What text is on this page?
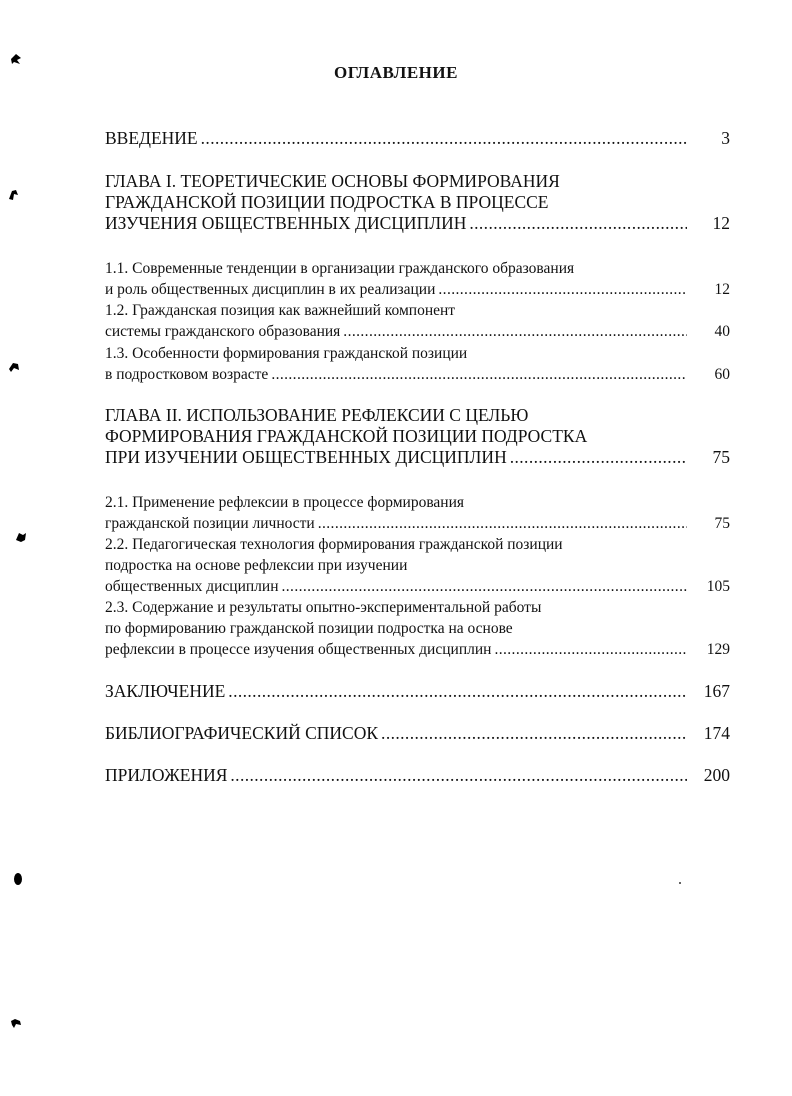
ОГЛАВЛЕНИЕ
ВВЕДЕНИЕ .....	3
ГЛАВА I. ТЕОРЕТИЧЕСКИЕ ОСНОВЫ ФОРМИРОВАНИЯ
ГРАЖДАНСКОЙ ПОЗИЦИИ ПОДРОСТКА В ПРОЦЕССЕ
ИЗУЧЕНИЯ ОБЩЕСТВЕННЫХ ДИСЦИПЛИН .....	12
1.1. Современные тенденции в организации гражданского образования
и роль общественных дисциплин в их реализации .....	12
1.2. Гражданская позиция как важнейший компонент
системы гражданского образования .....	40
1.3. Особенности формирования гражданской позиции
в подростковом возрасте .....	60
ГЛАВА II. ИСПОЛЬЗОВАНИЕ РЕФЛЕКСИИ С ЦЕЛЬЮ
ФОРМИРОВАНИЯ ГРАЖДАНСКОЙ ПОЗИЦИИ ПОДРОСТКА
ПРИ ИЗУЧЕНИИ ОБЩЕСТВЕННЫХ ДИСЦИПЛИН .....	75
2.1. Применение рефлексии в процессе формирования
гражданской позиции личности .....	75
2.2. Педагогическая технология формирования гражданской позиции
подростка на основе рефлексии при изучении
общественных дисциплин .....	105
2.3. Содержание и результаты опытно-экспериментальной работы
по формированию гражданской позиции подростка на основе
рефлексии в процессе изучения общественных дисциплин .....	129
ЗАКЛЮЧЕНИЕ .....	167
БИБЛИОГРАФИЧЕСКИЙ СПИСОК .....	174
ПРИЛОЖЕНИЯ .....	200
